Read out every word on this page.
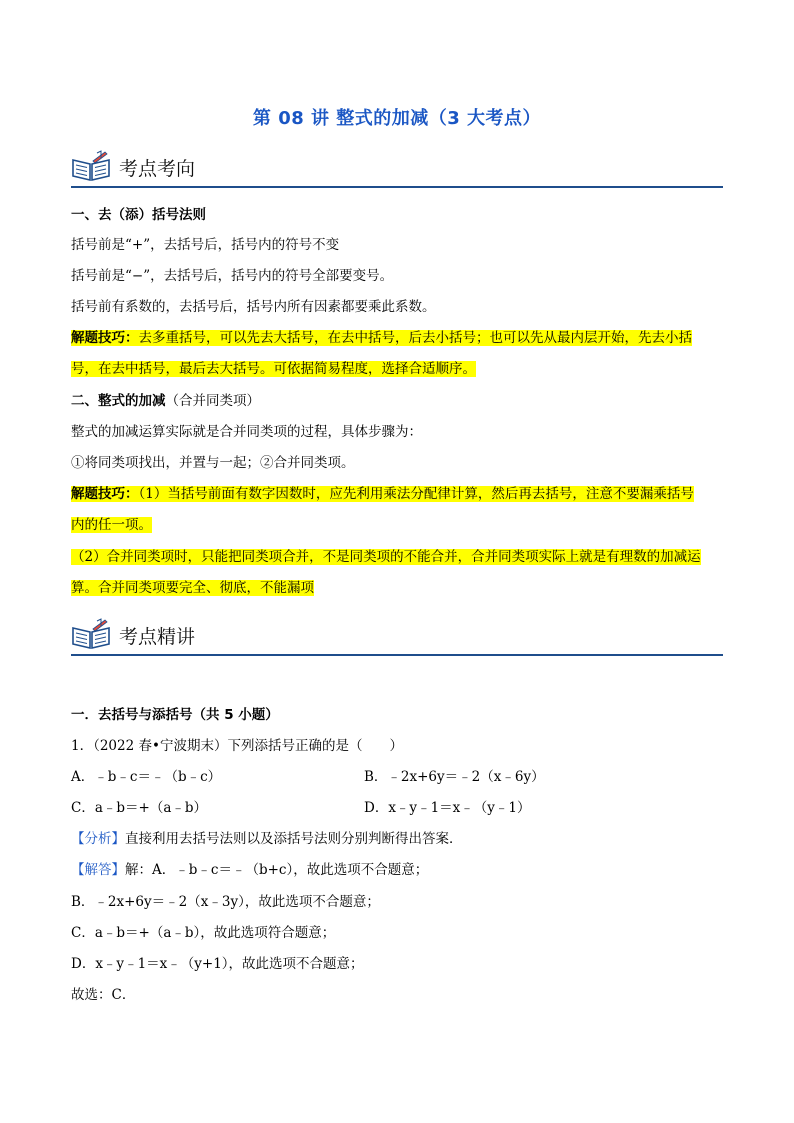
第 08 讲 整式的加减（3 大考点）
考点考向
一、去（添）括号法则
括号前是“+”，去括号后，括号内的符号不变
括号前是“−”，去括号后，括号内的符号全部要变号。
括号前有系数的，去括号后，括号内所有因素都要乘此系数。
解题技巧：去多重括号，可以先去大括号，在去中括号，后去小括号；也可以先从最内层开始，先去小括
号，在去中括号，最后去大括号。可依据简易程度，选择合适顺序。
二、整式的加减（合并同类项）
整式的加减运算实际就是合并同类项的过程，具体步骤为：
①将同类项找出，并置与一起；②合并同类项。
解题技巧：（1）当括号前面有数字因数时，应先利用乘法分配律计算，然后再去括号，注意不要漏乘括号
内的任一项。
（2）合并同类项时，只能把同类项合并，不是同类项的不能合并，合并同类项实际上就是有理数的加减运
算。合并同类项要完全、彻底，不能漏项
考点精讲
一．去括号与添括号（共 5 小题）
1．（2022 春•宁波期末）下列添括号正确的是（　　）
A．﹣b﹣c＝﹣（b﹣c）	B．﹣2x+6y＝﹣2（x﹣6y）
C．a﹣b＝+（a﹣b）	D．x﹣y﹣1＝x﹣（y﹣1）
【分析】直接利用去括号法则以及添括号法则分别判断得出答案．
【解答】解：A．﹣b﹣c＝﹣（b+c），故此选项不合题意；
B．﹣2x+6y＝﹣2（x﹣3y），故此选项不合题意；
C．a﹣b＝+（a﹣b），故此选项符合题意；
D．x﹣y﹣1＝x﹣（y+1），故此选项不合题意；
故选：C．
